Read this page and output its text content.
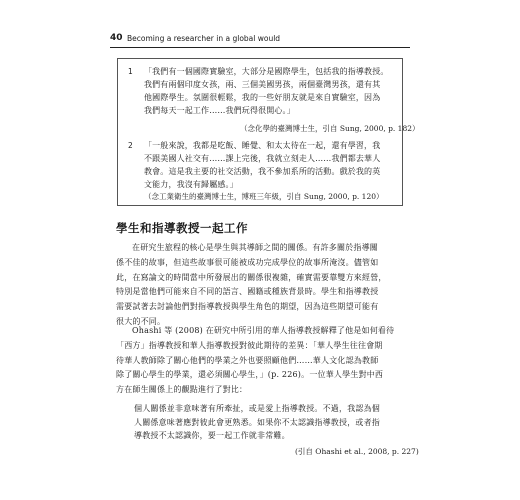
40 Becoming a researcher in a global would
1 「我們有一個國際實驗室，大部分是國際學生，包括我的指導教授。
我們有兩個印度女孩，兩、三個美國男孩，兩個臺灣男孩，還有其
他國際學生。氛圍很輕鬆，我的一些好朋友就是來自實驗室，因為
我們每天一起工作……我們玩得很開心。」
（念化學的臺灣博士生，引自 Sung, 2000, p. 182）
2 「一般來說，我都是吃飯、睡覺、和太太待在一起，還有學習，我
不跟美國人社交有……課上完後，我就立刻走人……我們都去華人
教會。這是我主要的社交活動，我不參加系所的活動。戲於我的英
文能力，我沒有歸屬感。」
（念工業衛生的臺灣博士生，博班三年級，引自 Sung, 2000, p. 120）
學生和指導教授一起工作
在研究生旅程的核心是學生與其導師之間的關係。有許多關於指導關
係不佳的故事，但這些故事很可能被成功完成學位的故事所淹沒。儘管如
此，在寫論文的時間當中所發展出的關係很複雜，確實需要靠雙方來經營，
特別是當他們可能來自不同的語言、國籍或種族背景時。學生和指導教授
需要試著去討論他們對指導教授與學生角色的期望，因為這些期望可能有
很大的不同。
Ohashi 等 (2008) 在研究中所引用的華人指導教授解釋了他是如何看待
「西方」指導教授和華人指導教授對彼此期待的差異：「華人學生往往會期
待華人教師除了關心他們的學業之外也要照顧他們……華人文化認為教師
除了關心學生的學業，還必須關心學生，」(p. 226)。一位華人學生對中西
方在師生關係上的觀點進行了對比：
個人關係並非意味著有所牽扯，或是愛上指導教授。不過，我認為個
人關係意味著應對彼此會更熟悉。如果你不太認識指導教授，或者指
導教授不太認識你，要一起工作就非常難。
(引自 Ohashi et al., 2008, p. 227)
